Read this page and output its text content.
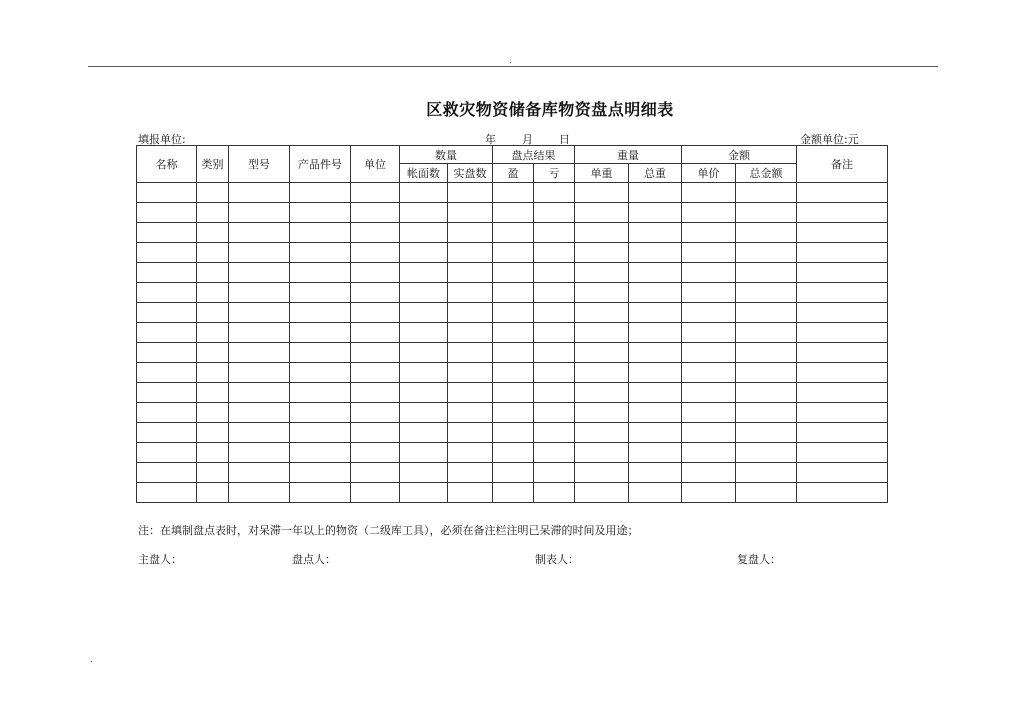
.
区救灾物资储备库物资盘点明细表
填报单位:	年 月 日	金额单位:元
名称	类别	型号	产品件号	单位	数量		盘点结果		重量		金额		备注
					帐面数	实盘数	盈	亏	单重	总重	单价	总金额	

注：在填制盘点表时，对呆滞一年以上的物资（二级库工具），必须在备注栏注明已呆滞的时间及用途；
主盘人：	盘点人：	制表人：	复盘人：
.
